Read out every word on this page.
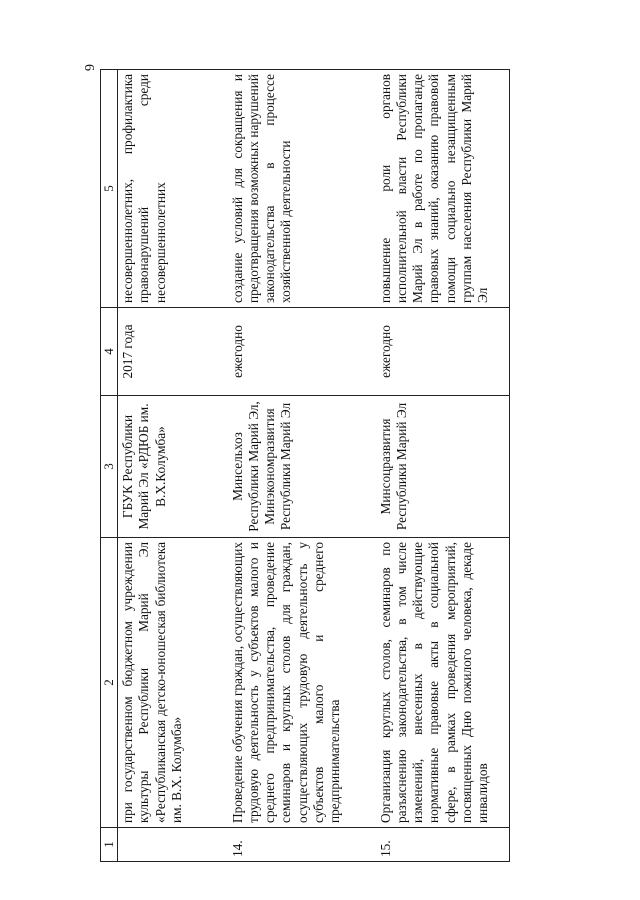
6
1	2	3	4	5
	при государственном бюджетном учреждении культуры Республики Марий Эл «Республиканская детско-юношеская библиотека им. В.Х. Колумба»	ГБУК Республики Марий Эл «РДЮБ им. В.Х.Колумба»	2017 года	несовершеннолетних, профилактика правонарушений среди несовершеннолетних
14.	Проведение обучения граждан, осуществляющих трудовую деятельность у субъектов малого и среднего предпринимательства, проведение семинаров и круглых столов для граждан, осуществляющих трудовую деятельность у субъектов малого и среднего предпринимательства	Минсельхоз Республики Марий Эл, Минэкономразвития Республики Марий Эл	ежегодно	создание условий для сокращения и предотвращения возможных нарушений законодательства в процессе хозяйственной деятельности
15.	Организация круглых столов, семинаров по разъяснению законодательства, в том числе изменений, внесенных в действующие нормативные правовые акты в социальной сфере, в рамках проведения мероприятий, посвященных Дню пожилого человека, декаде инвалидов	Минсоцразвития Республики Марий Эл	ежегодно	повышение роли органов исполнительной власти Республики Марий Эл в работе по пропаганде правовых знаний, оказанию правовой помощи социально незащищенным группам населения Республики Марий Эл
